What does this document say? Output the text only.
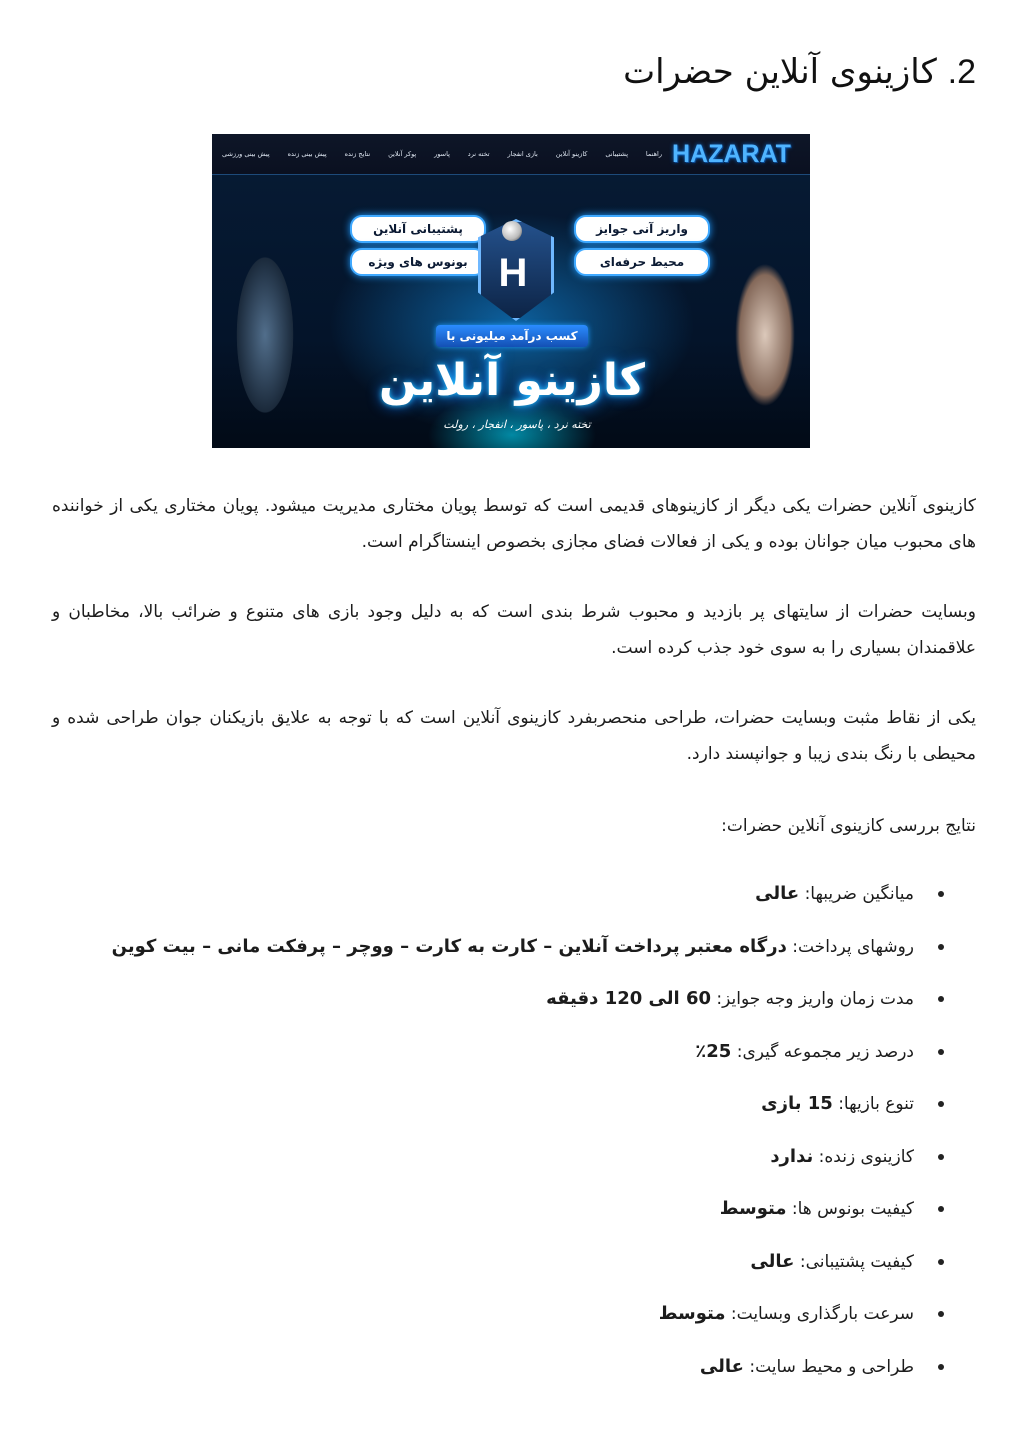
2. کازینوی آنلاین حضرات
پیش بینی ورزشی	پیش بینی زنده	نتایج زنده	پوکر آنلاین	پاسور	تخته نرد	بازی انفجار	کازینو آنلاین	پشتیبانی	راهنما HAZARAT
واریز آنی جوایز
پشتیبانی آنلاین
محیط حرفه‌ای
بونوس های ویژه H
کسب درآمد میلیونی با
کازینو آنلاین
تخته نرد ، پاسور ، انفجار ، رولت

کازینوی آنلاین حضرات یکی دیگر از کازینوهای قدیمی است که توسط پویان مختاری مدیریت میشود. پویان مختاری یکی از خواننده های محبوب میان جوانان بوده و یکی از فعالات فضای مجازی بخصوص اینستاگرام است.

وبسایت حضرات از سایتهای پر بازدید و محبوب شرط بندی است که به دلیل وجود بازی های متنوع و ضرائب بالا، مخاطبان و علاقمندان بسیاری را به سوی خود جذب کرده است.

یکی از نقاط مثبت وبسایت حضرات، طراحی منحصربفرد کازینوی آنلاین است که با توجه به علایق بازیکنان جوان طراحی شده و محیطی با رنگ بندی زیبا و جوانپسند دارد.

نتایج بررسی کازینوی آنلاین حضرات:

میانگین ضریبها: عالی
روشهای پرداخت: درگاه معتبر پرداخت آنلاین – کارت به کارت – ووچر – پرفکت مانی – بیت کوین
مدت زمان واریز وجه جوایز: 60 الی 120 دقیقه
درصد زیر مجموعه گیری: 25٪
تنوع بازیها: 15 بازی
کازینوی زنده: ندارد
کیفیت بونوس ها: متوسط
کیفیت پشتیبانی: عالی
سرعت بارگذاری وبسایت: متوسط
طراحی و محیط سایت: عالی
